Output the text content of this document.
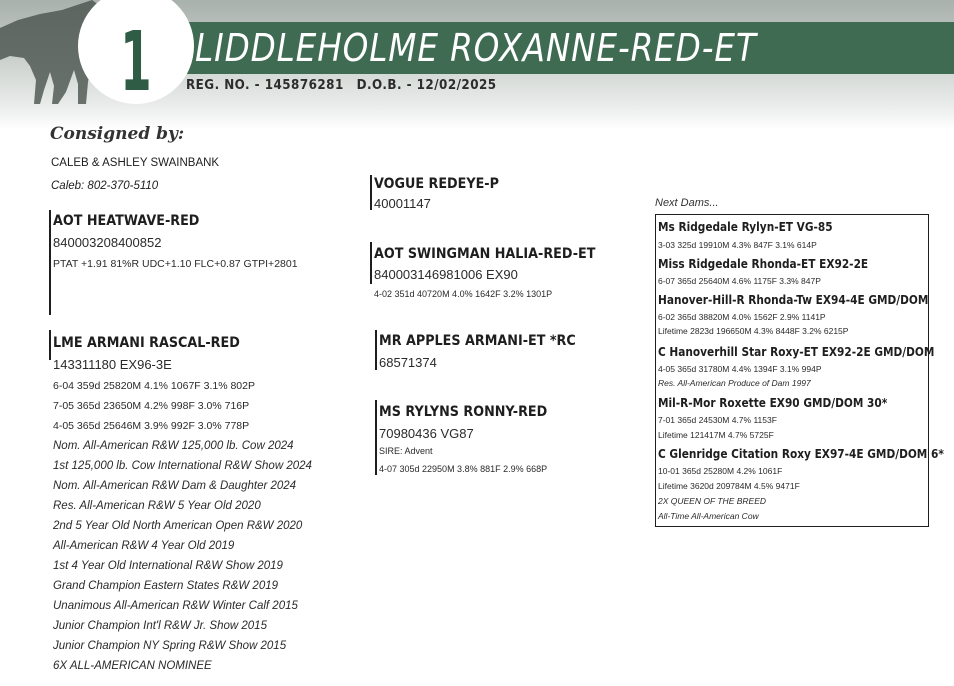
1	LIDDLEHOLME ROXANNE-RED-ET
REG. NO. - 145876281 D.O.B. - 12/02/2025
Consigned by:
CALEB & ASHLEY SWAINBANK
Caleb: 802-370-5110
AOT HEATWAVE-RED
840003208400852
PTAT +1.91 81%R UDC+1.10 FLC+0.87 GTPI+2801
LME ARMANI RASCAL-RED
143311180 EX96-3E
6-04 359d 25820M 4.1% 1067F 3.1% 802P
7-05 365d 23650M 4.2% 998F 3.0% 716P
4-05 365d 25646M 3.9% 992F 3.0% 778P
Nom. All-American R&W 125,000 lb. Cow 2024
1st 125,000 lb. Cow International R&W Show 2024
Nom. All-American R&W Dam & Daughter 2024
Res. All-American R&W 5 Year Old 2020
2nd 5 Year Old North American Open R&W 2020
All-American R&W 4 Year Old 2019
1st 4 Year Old International R&W Show 2019
Grand Champion Eastern States R&W 2019
Unanimous All-American R&W Winter Calf 2015
Junior Champion Int'l R&W Jr. Show 2015
Junior Champion NY Spring R&W Show 2015
6X ALL-AMERICAN NOMINEE
VOGUE REDEYE-P
40001147
AOT SWINGMAN HALIA-RED-ET
840003146981006 EX90
4-02 351d 40720M 4.0% 1642F 3.2% 1301P
MR APPLES ARMANI-ET *RC
68571374
MS RYLYNS RONNY-RED
70980436 VG87
SIRE: Advent
4-07 305d 22950M 3.8% 881F 2.9% 668P
Next Dams...
Ms Ridgedale Rylyn-ET VG-85
3-03 325d 19910M 4.3% 847F 3.1% 614P
Miss Ridgedale Rhonda-ET EX92-2E
6-07 365d 25640M 4.6% 1175F 3.3% 847P
Hanover-Hill-R Rhonda-Tw EX94-4E GMD/DOM
6-02 365d 38820M 4.0% 1562F 2.9% 1141P
Lifetime 2823d 196650M 4.3% 8448F 3.2% 6215P
C Hanoverhill Star Roxy-ET EX92-2E GMD/DOM
4-05 365d 31780M 4.4% 1394F 3.1% 994P
Res. All-American Produce of Dam 1997
Mil-R-Mor Roxette EX90 GMD/DOM 30*
7-01 365d 24530M 4.7% 1153F
Lifetime 121417M 4.7% 5725F
C Glenridge Citation Roxy EX97-4E GMD/DOM 6*
10-01 365d 25280M 4.2% 1061F
Lifetime 3620d 209784M 4.5% 9471F
2X QUEEN OF THE BREED
All-Time All-American Cow
